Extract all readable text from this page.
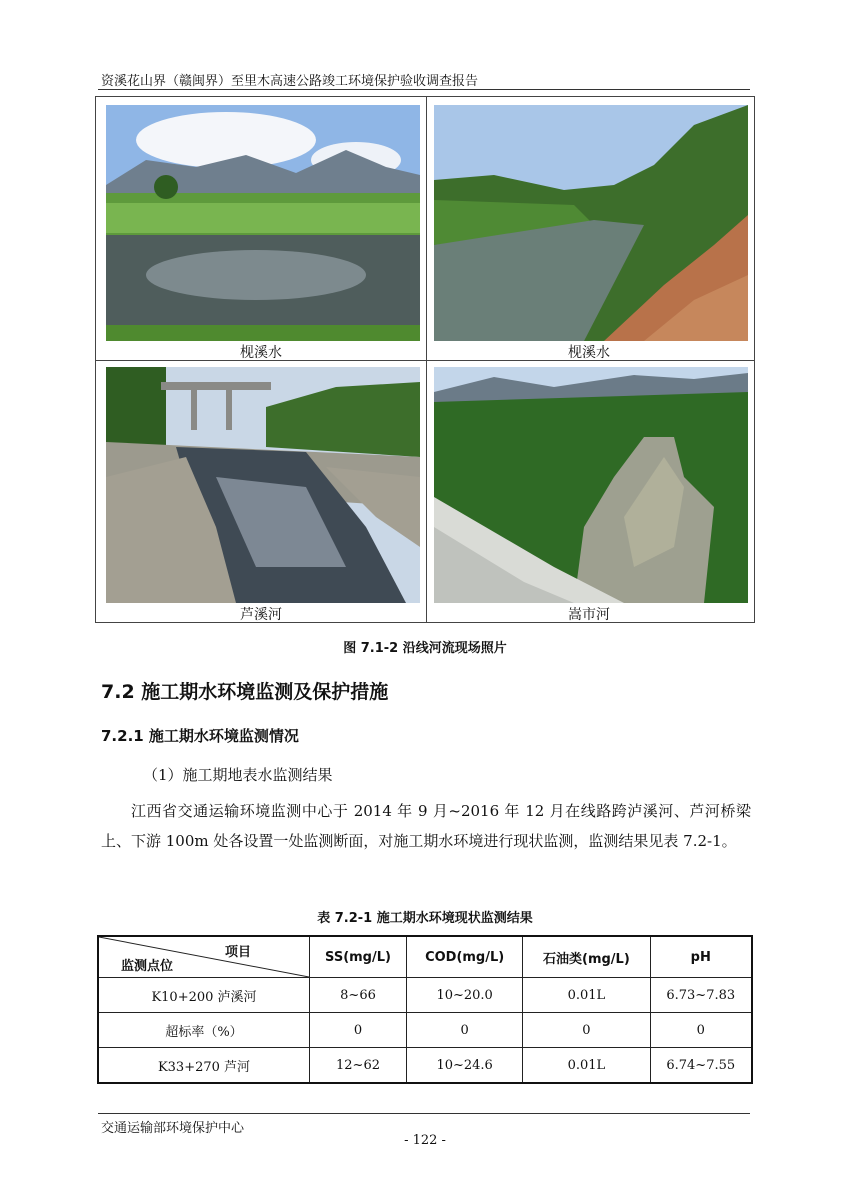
资溪花山界（赣闽界）至里木高速公路竣工环境保护验收调查报告
枧溪水	枧溪水
芦溪河	嵩市河
图 7.1-2 沿线河流现场照片
7.2 施工期水环境监测及保护措施
7.2.1 施工期水环境监测情况
（1）施工期地表水监测结果
江西省交通运输环境监测中心于 2014 年 9 月~2016 年 12 月在线路跨泸溪河、芦河桥梁上、下游 100m 处各设置一处监测断面，对施工期水环境进行现状监测，监测结果见表 7.2-1。
表 7.2-1 施工期水环境现状监测结果
项目
监测点位	SS(mg/L)	COD(mg/L)	石油类(mg/L)	pH
K10+200 泸溪河	8~66	10~20.0	0.01L	6.73~7.83
超标率（%）	0	0	0	0
K33+270 芦河	12~62	10~24.6	0.01L	6.74~7.55
交通运输部环境保护中心
- 122 -
